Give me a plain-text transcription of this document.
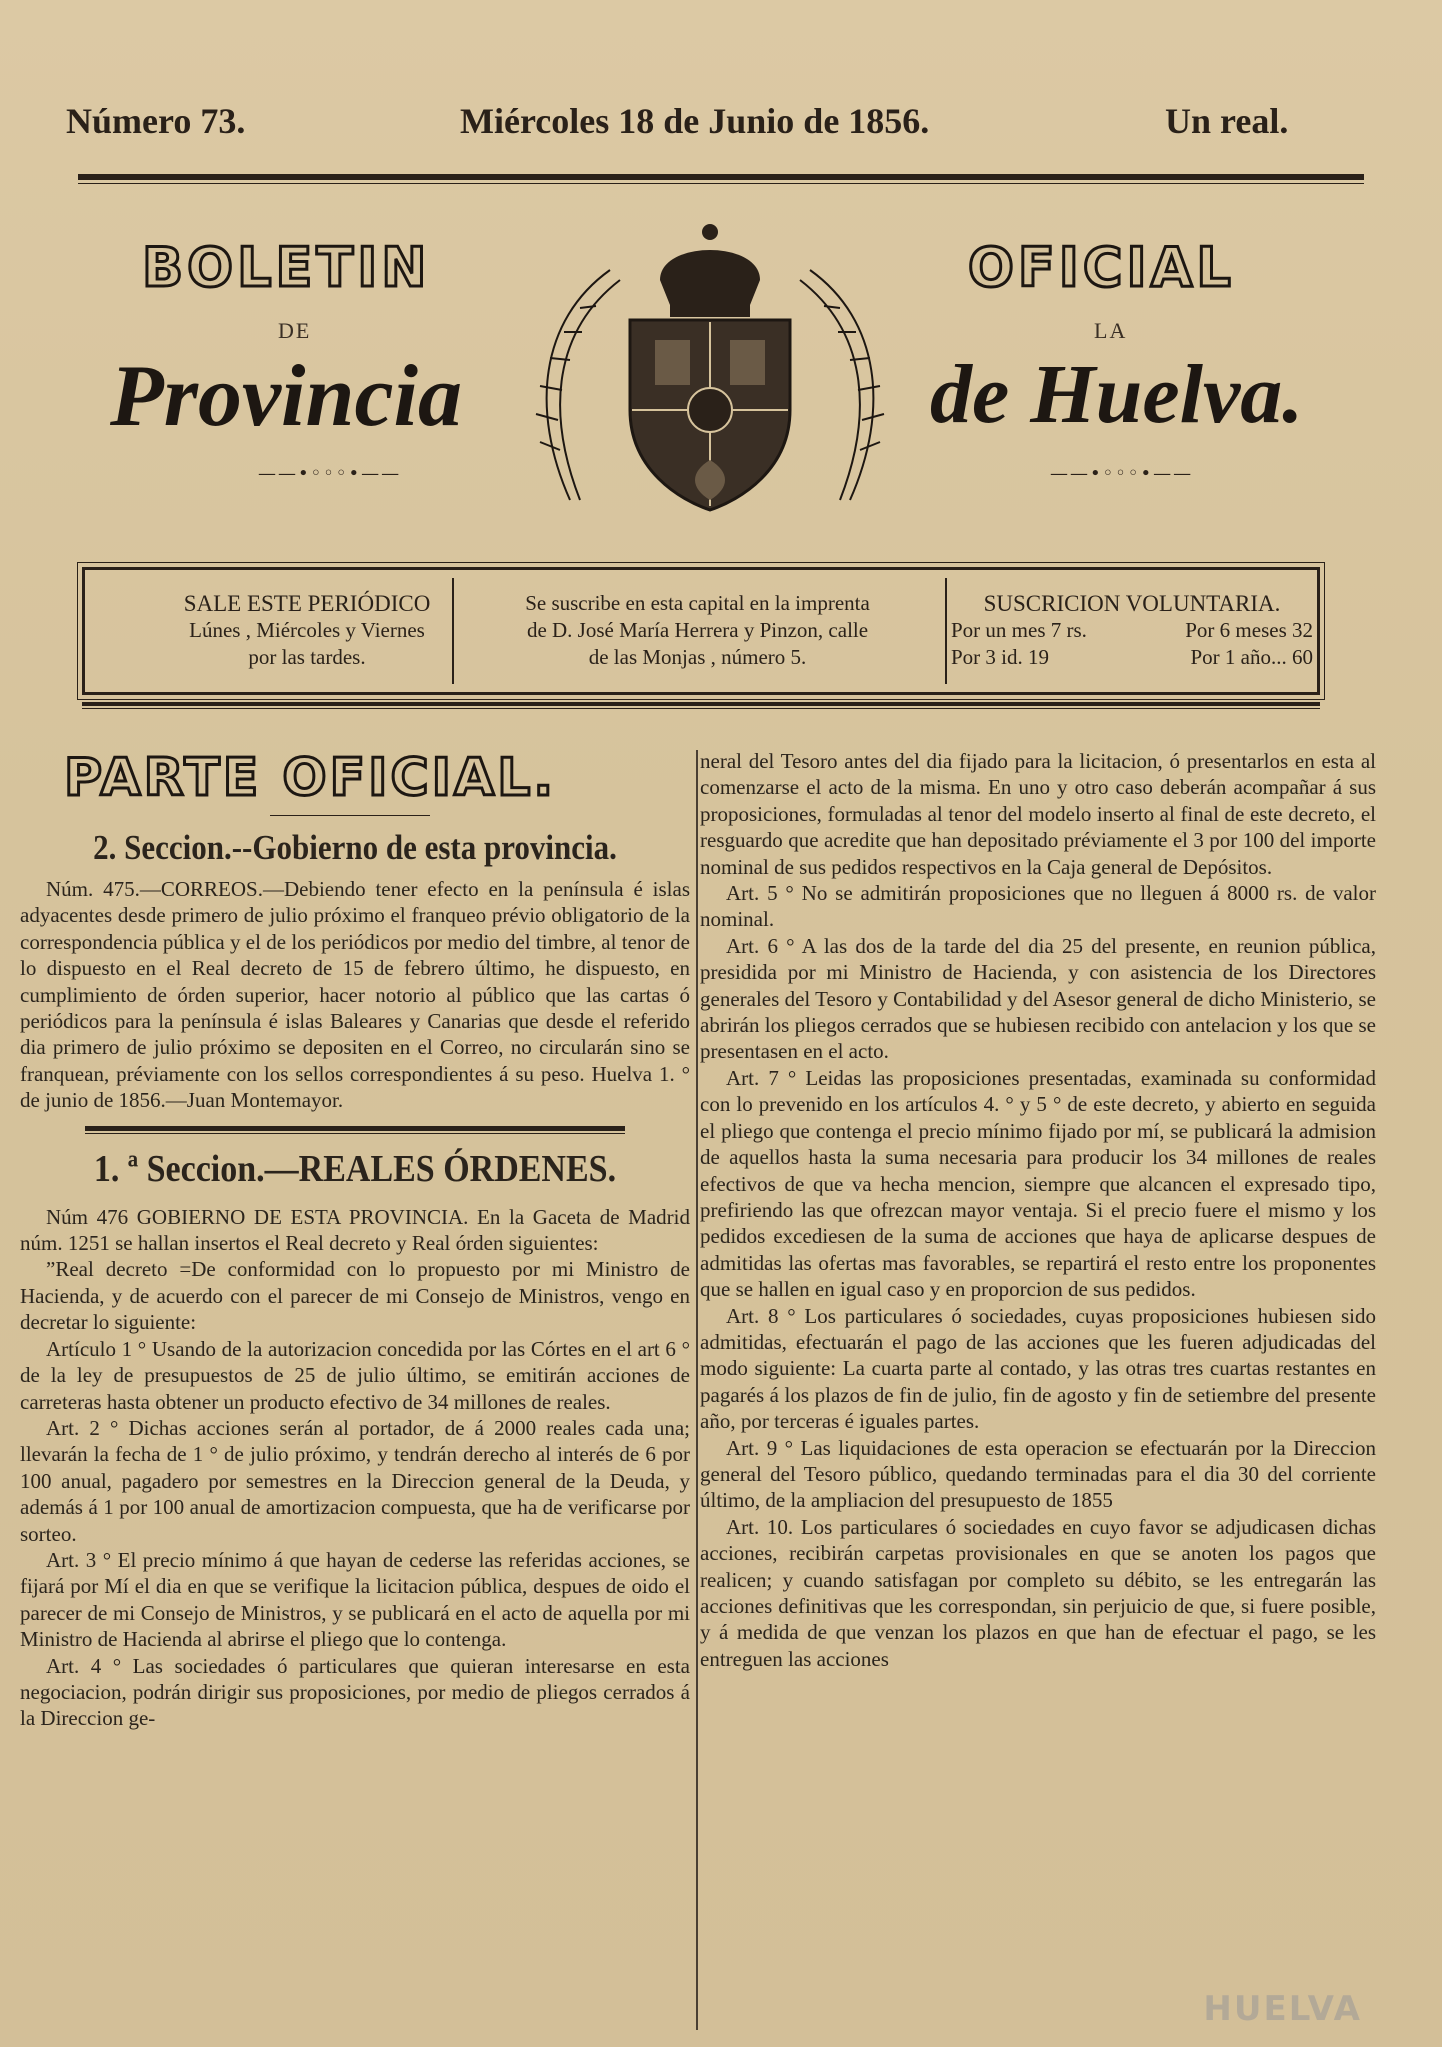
Número 73.	Miércoles 18 de Junio de 1856.	Un real.
BOLETIN
DE
Provincia
——•◦◦◦•——
OFICIAL
LA
de Huelva.
——•◦◦◦•——
SALE ESTE PERIÓDICO
Lúnes , Miércoles y Viernes
por las tardes.
Se suscribe en esta capital en la imprenta
de D. José María Herrera y Pinzon, calle
de las Monjas , número 5.
SUSCRICION VOLUNTARIA.
Por un mes 7 rs.	Por 6 meses 32
Por 3 id. 19	Por 1 año... 60
PARTE OFICIAL.
2. Seccion.--Gobierno de esta provincia.

Núm. 475.—CORREOS.—Debiendo tener efecto en la península é islas adyacentes desde primero de julio próximo el franqueo prévio obligatorio de la correspondencia pública y el de los periódicos por medio del timbre, al tenor de lo dispuesto en el Real decreto de 15 de febrero último, he dispuesto, en cumplimiento de órden superior, hacer notorio al público que las cartas ó periódicos para la península é islas Baleares y Canarias que desde el referido dia primero de julio próximo se depositen en el Correo, no circularán sino se franquean, préviamente con los sellos correspondientes á su peso. Huelva 1. ° de junio de 1856.—Juan Montemayor.

1. ª Seccion.—REALES ÓRDENES.

Núm 476 GOBIERNO DE ESTA PROVINCIA. En la Gaceta de Madrid núm. 1251 se hallan insertos el Real decreto y Real órden siguientes:

”Real decreto =De conformidad con lo propuesto por mi Ministro de Hacienda, y de acuerdo con el parecer de mi Consejo de Ministros, vengo en decretar lo siguiente:

Artículo 1 ° Usando de la autorizacion concedida por las Córtes en el art 6 ° de la ley de presupuestos de 25 de julio último, se emitirán acciones de carreteras hasta obtener un producto efectivo de 34 millones de reales.

Art. 2 ° Dichas acciones serán al portador, de á 2000 reales cada una; llevarán la fecha de 1 ° de julio próximo, y tendrán derecho al interés de 6 por 100 anual, pagadero por semestres en la Direccion general de la Deuda, y además á 1 por 100 anual de amortizacion compuesta, que ha de verificarse por sorteo.

Art. 3 ° El precio mínimo á que hayan de cederse las referidas acciones, se fijará por Mí el dia en que se verifique la licitacion pública, despues de oido el parecer de mi Consejo de Ministros, y se publicará en el acto de aquella por mi Ministro de Hacienda al abrirse el pliego que lo contenga.

Art. 4 ° Las sociedades ó particulares que quieran interesarse en esta negociacion, podrán dirigir sus proposiciones, por medio de pliegos cerrados á la Direccion ge-

neral del Tesoro antes del dia fijado para la licitacion, ó presentarlos en esta al comenzarse el acto de la misma. En uno y otro caso deberán acompañar á sus proposiciones, formuladas al tenor del modelo inserto al final de este decreto, el resguardo que acredite que han depositado préviamente el 3 por 100 del importe nominal de sus pedidos respectivos en la Caja general de Depósitos.

Art. 5 ° No se admitirán proposiciones que no lleguen á 8000 rs. de valor nominal.

Art. 6 ° A las dos de la tarde del dia 25 del presente, en reunion pública, presidida por mi Ministro de Hacienda, y con asistencia de los Directores generales del Tesoro y Contabilidad y del Asesor general de dicho Ministerio, se abrirán los pliegos cerrados que se hubiesen recibido con antelacion y los que se presentasen en el acto.

Art. 7 ° Leidas las proposiciones presentadas, examinada su conformidad con lo prevenido en los artículos 4. ° y 5 ° de este decreto, y abierto en seguida el pliego que contenga el precio mínimo fijado por mí, se publicará la admision de aquellos hasta la suma necesaria para producir los 34 millones de reales efectivos de que va hecha mencion, siempre que alcancen el expresado tipo, prefiriendo las que ofrezcan mayor ventaja. Si el precio fuere el mismo y los pedidos excediesen de la suma de acciones que haya de aplicarse despues de admitidas las ofertas mas favorables, se repartirá el resto entre los proponentes que se hallen en igual caso y en proporcion de sus pedidos.

Art. 8 ° Los particulares ó sociedades, cuyas proposiciones hubiesen sido admitidas, efectuarán el pago de las acciones que les fueren adjudicadas del modo siguiente: La cuarta parte al contado, y las otras tres cuartas restantes en pagarés á los plazos de fin de julio, fin de agosto y fin de setiembre del presente año, por terceras é iguales partes.

Art. 9 ° Las liquidaciones de esta operacion se efectuarán por la Direccion general del Tesoro público, quedando terminadas para el dia 30 del corriente último, de la ampliacion del presupuesto de 1855

Art. 10. Los particulares ó sociedades en cuyo favor se adjudicasen dichas acciones, recibirán carpetas provisionales en que se anoten los pagos que realicen; y cuando satisfagan por completo su débito, se les entregarán las acciones definitivas que les correspondan, sin perjuicio de que, si fuere posible, y á medida de que venzan los plazos en que han de efectuar el pago, se les entreguen las acciones

HUELVA
